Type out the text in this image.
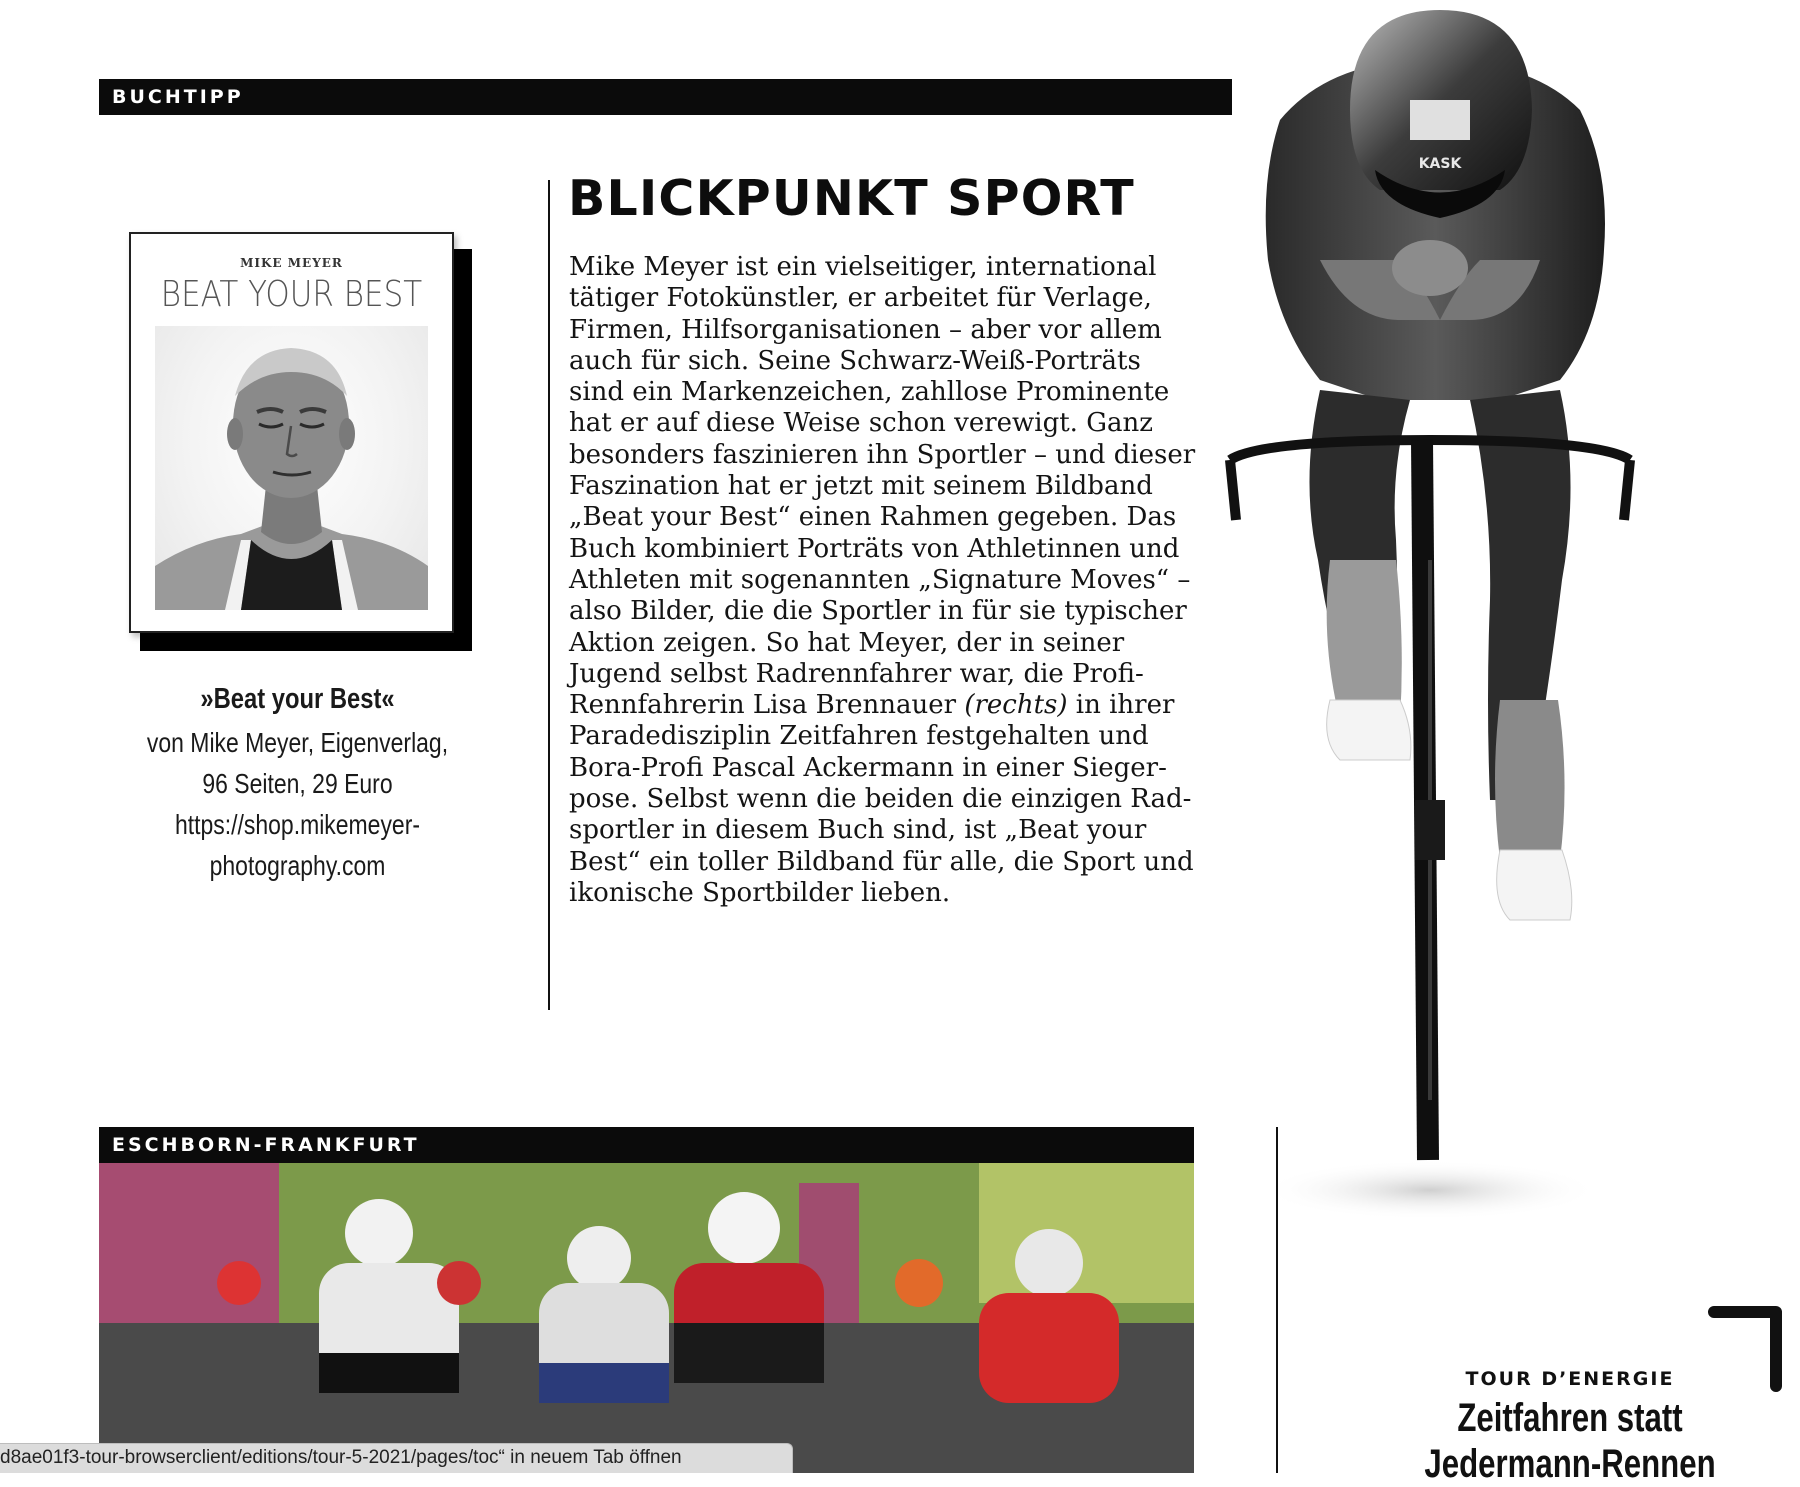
BUCHTIPP
MIKE MEYER
BEAT YOUR BEST
»Beat your Best«
von Mike Meyer, Eigenverlag,
96 Seiten, 29 Euro
https://shop.mikemeyer-
photography.com
BLICKPUNKT SPORT
Mike Meyer ist ein vielseitiger, international
tätiger Fotokünstler, er arbeitet für Verlage,
Firmen, Hilfsorganisationen – aber vor allem
auch für sich. Seine Schwarz-Weiß-Porträts
sind ein Markenzeichen, zahllose Prominente
hat er auf diese Weise schon verewigt. Ganz
besonders faszinieren ihn Sportler – und dieser
Faszination hat er jetzt mit seinem Bildband
„Beat your Best“ einen Rahmen gegeben. Das
Buch kombiniert Porträts von Athletinnen und
Athleten mit sogenannten „Signature Moves“ –
also Bilder, die die Sportler in für sie typischer
Aktion zeigen. So hat Meyer, der in seiner
Jugend selbst Radrennfahrer war, die Profi-
Rennfahrerin Lisa Brennauer (rechts) in ihrer
Paradedisziplin Zeitfahren festgehalten und
Bora-Profi Pascal Ackermann in einer Sieger-
pose. Selbst wenn die beiden die einzigen Rad-
sportler in diesem Buch sind, ist „Beat your
Best“ ein toller Bildband für alle, die Sport und
ikonische Sportbilder lieben.
KASK
ESCHBORN-FRANKFURT
TOUR D’ENERGIE
Zeitfahren statt
Jedermann-Rennen
d8ae01f3-tour-browserclient/editions/tour-5-2021/pages/toc“ in neuem Tab öffnen
